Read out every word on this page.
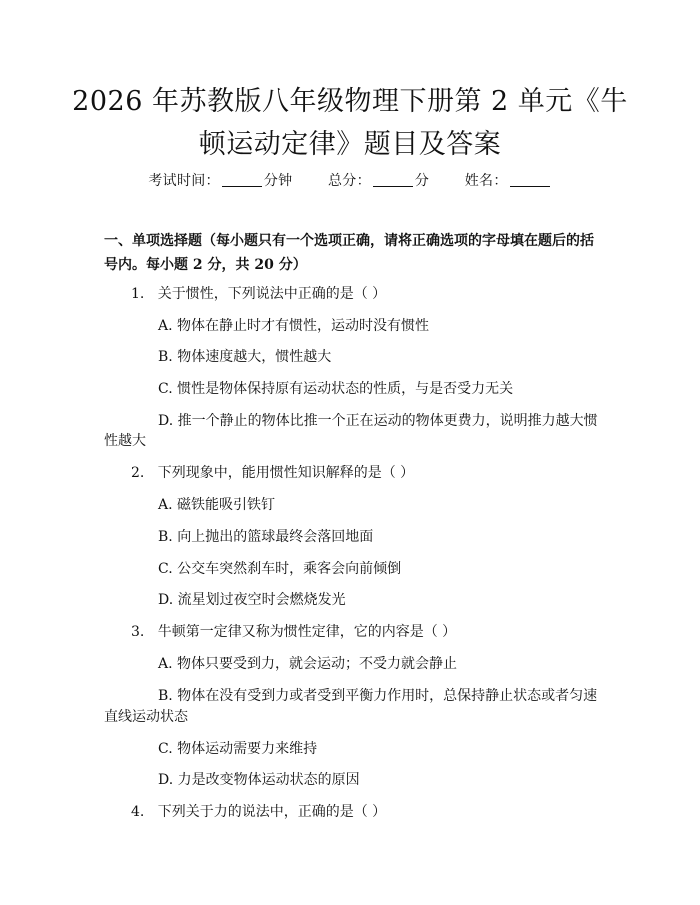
2026 年苏教版八年级物理下册第 2 单元《牛
顿运动定律》题目及答案
考试时间：	分钟	总分：	分	姓名：
一、单项选择题（每小题只有一个选项正确，请将正确选项的字母填在题后的括号内。每小题 2 分，共 20 分）
1. 关于惯性，下列说法中正确的是（ ）
A. 物体在静止时才有惯性，运动时没有惯性
B. 物体速度越大，惯性越大
C. 惯性是物体保持原有运动状态的性质，与是否受力无关
D. 推一个静止的物体比推一个正在运动的物体更费力，说明推力越大惯
性越大
2. 下列现象中，能用惯性知识解释的是（ ）
A. 磁铁能吸引铁钉
B. 向上抛出的篮球最终会落回地面
C. 公交车突然刹车时，乘客会向前倾倒
D. 流星划过夜空时会燃烧发光
3. 牛顿第一定律又称为惯性定律，它的内容是（ ）
A. 物体只要受到力，就会运动；不受力就会静止
B. 物体在没有受到力或者受到平衡力作用时，总保持静止状态或者匀速
直线运动状态
C. 物体运动需要力来维持
D. 力是改变物体运动状态的原因
4. 下列关于力的说法中，正确的是（ ）
